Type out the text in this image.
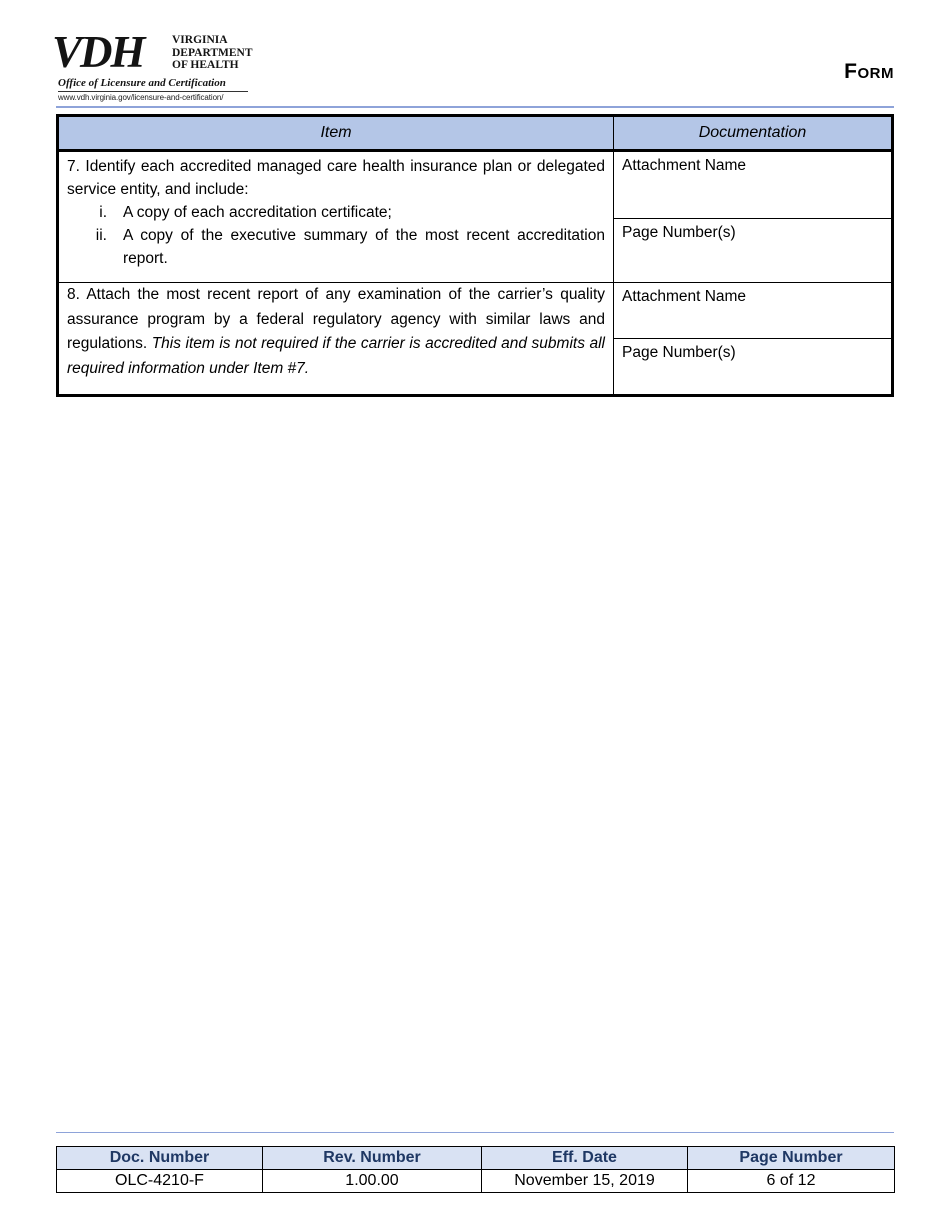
VDH VIRGINIA
DEPARTMENT
OF HEALTH
Office of Licensure and Certification
www.vdh.virginia.gov/licensure-and-certification/
Form
Item	Documentation
7. Identify each accredited managed care health insurance plan or delegated service entity, and include:
i.	A copy of each accreditation certificate;
ii.	A copy of the executive summary of the most recent accreditation report.
Attachment Name
Page Number(s)
8. Attach the most recent report of any examination of the carrier’s quality assurance program by a federal regulatory agency with similar laws and regulations. This item is not required if the carrier is accredited and submits all required information under Item #7.
Attachment Name
Page Number(s)
Doc. Number	Rev. Number	Eff. Date	Page Number
OLC-4210-F	1.00.00	November 15, 2019	6 of 12
